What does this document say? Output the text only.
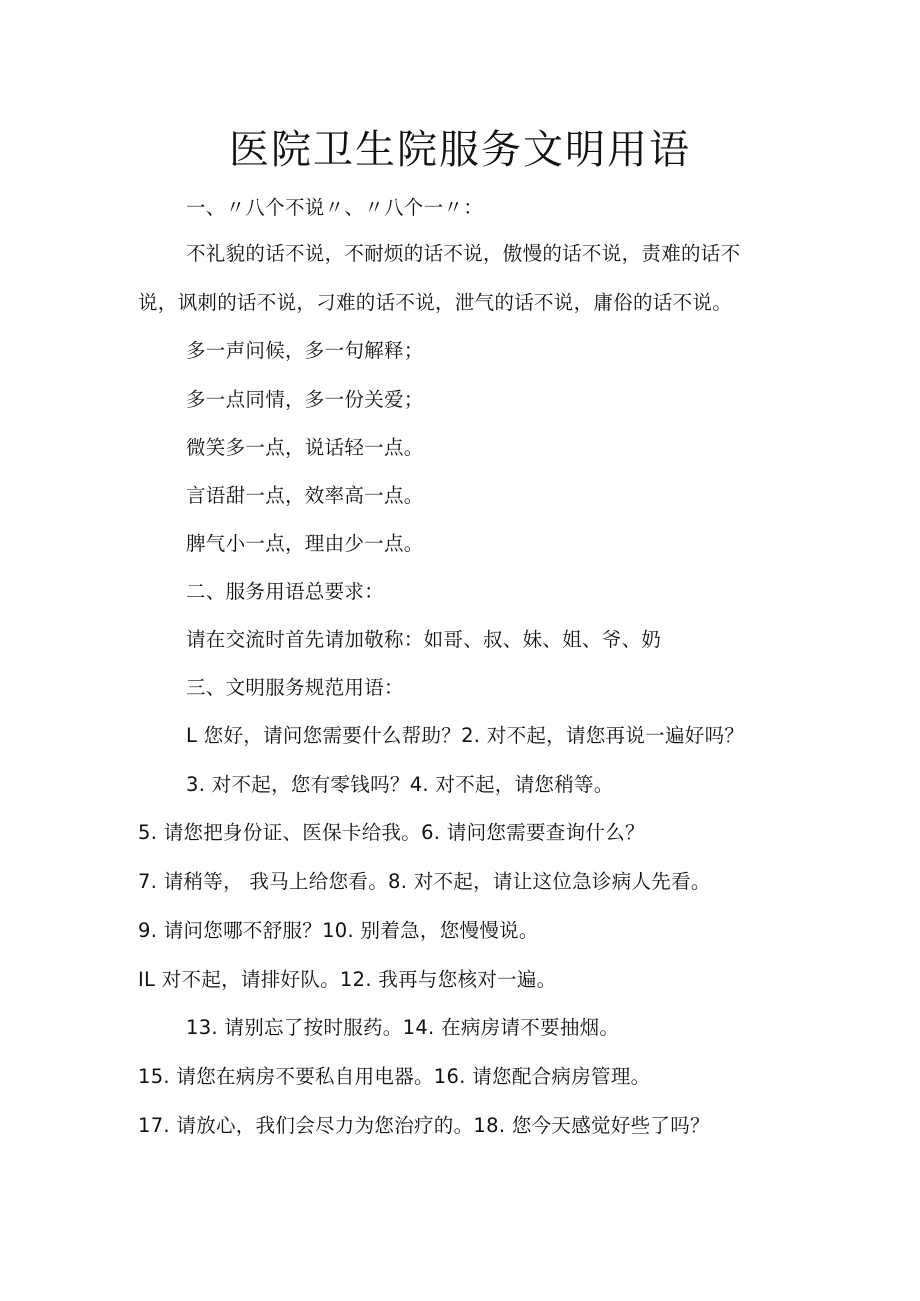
医院卫生院服务文明用语
一、〃八个不说〃、〃八个一〃：
不礼貌的话不说，不耐烦的话不说，傲慢的话不说，责难的话不
说，讽刺的话不说，刁难的话不说，泄气的话不说，庸俗的话不说。
多一声问候，多一句解释；
多一点同情，多一份关爱；
微笑多一点，说话轻一点。
言语甜一点，效率高一点。
脾气小一点，理由少一点。
二、服务用语总要求：
请在交流时首先请加敬称：如哥、叔、妹、姐、爷、奶
三、文明服务规范用语：
L 您好，请问您需要什么帮助？2. 对不起，请您再说一遍好吗？
3. 对不起，您有零钱吗？4. 对不起，请您稍等。
5. 请您把身份证、医保卡给我。6. 请问您需要查询什么？
7. 请稍等， 我马上给您看。8. 对不起，请让这位急诊病人先看。
9. 请问您哪不舒服？10. 别着急，您慢慢说。
IL 对不起，请排好队。12. 我再与您核对一遍。
13. 请别忘了按时服药。14. 在病房请不要抽烟。
15. 请您在病房不要私自用电器。16. 请您配合病房管理。
17. 请放心，我们会尽力为您治疗的。18. 您今天感觉好些了吗？
